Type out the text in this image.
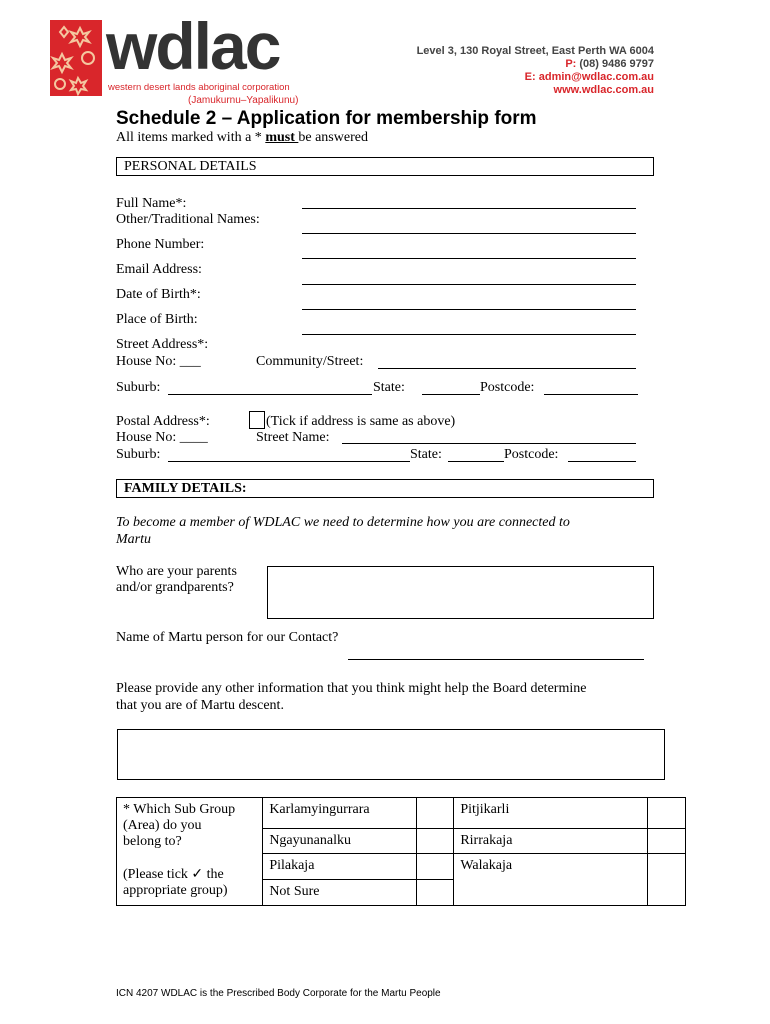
wdlac
western desert lands aboriginal corporation
(Jamukurnu–Yapalikunu)
Level 3, 130 Royal Street, East Perth WA 6004
P: (08) 9486 9797
E: admin@wdlac.com.au
www.wdlac.com.au
Schedule 2 – Application for membership form
All items marked with a * must be answered
PERSONAL DETAILS
Full Name*:
Other/Traditional Names:
Phone Number:
Email Address:
Date of Birth*:
Place of Birth:
Street Address*:
House No: ___	Community/Street:
Suburb:	State:	Postcode:
Postal Address*:	(Tick if address is same as above)
House No: ____	Street Name:
Suburb:	State:	Postcode:
FAMILY DETAILS:
To become a member of WDLAC we need to determine how you are connected to
Martu
Who are your parents
and/or grandparents?
Name of Martu person for our Contact?
Please provide any other information that you think might help the Board determine
that you are of Martu descent.
* Which Sub Group
(Area) do you
belong to?
(Please tick ✓ the
appropriate group)	Karlamyingurrara		Pitjikarli	
	Ngayunanalku		Rirrakaja	
	Pilakaja		Walakaja	
	Not Sure			
ICN 4207 WDLAC is the Prescribed Body Corporate for the Martu People
